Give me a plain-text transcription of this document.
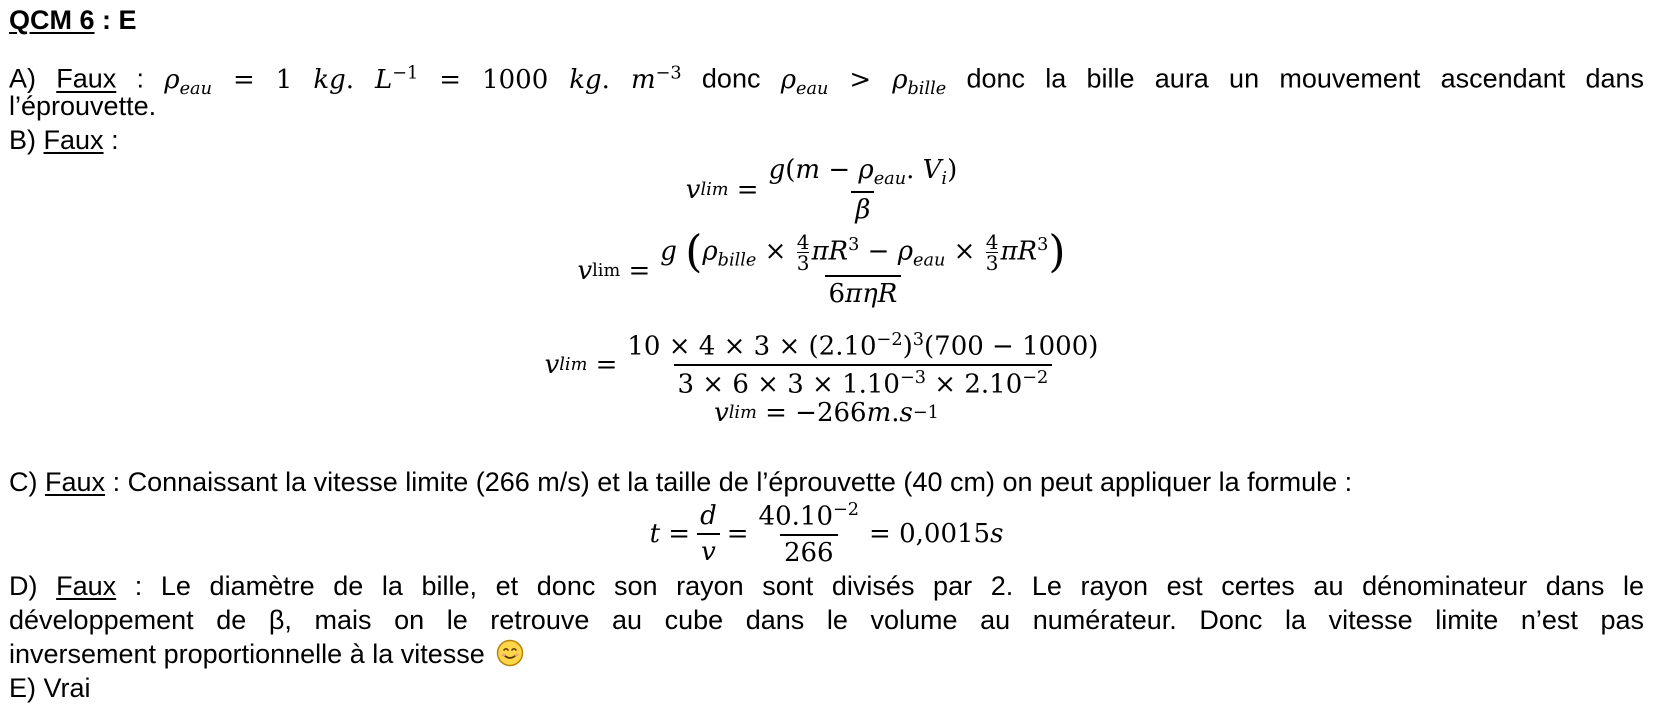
QCM 6 : E
A) Faux : $\rho_{eau} = 1$ kg. $L^{-1} = 1000$ kg. $m^{-3}$ donc $\rho_{eau} > \rho_{bille}$ donc la bille aura un mouvement ascendant dans
l’éprouvette.
B) Faux :
v $\lim = \frac{g(m - \rho_{eau}. V_i)}{\beta}$
v $\lim = \frac{g (\rho_{bille} \times \frac{4}{3} \pi R^3 - \rho_{eau} \times \frac{4}{3} \pi R^3)}{\text{6πηR}}$
v $\lim = \frac{10 \times 4 \times 3 \times (2.10^{-2})^3(700 - 1000)}{3 \times 6 \times 3 \times 1.10^{-3} \times 2.10^{-2}}$
v lim = −266 m . s −1
C) Faux : Connaissant la vitesse limite (266 m/s) et la taille de l’éprouvette (40 cm) on peut appliquer la formule :
$t = \frac{d}{v} = \frac{40.10^{-2}}{266} = 0,0015$ s
D) Faux : Le diamètre de la bille, et donc son rayon sont divisés par 2. Le rayon est certes au dénominateur dans le
développement de β, mais on le retrouve au cube dans le volume au numérateur. Donc la vitesse limite n’est pas
inversement proportionnelle à la vitesse
E) Vrai
